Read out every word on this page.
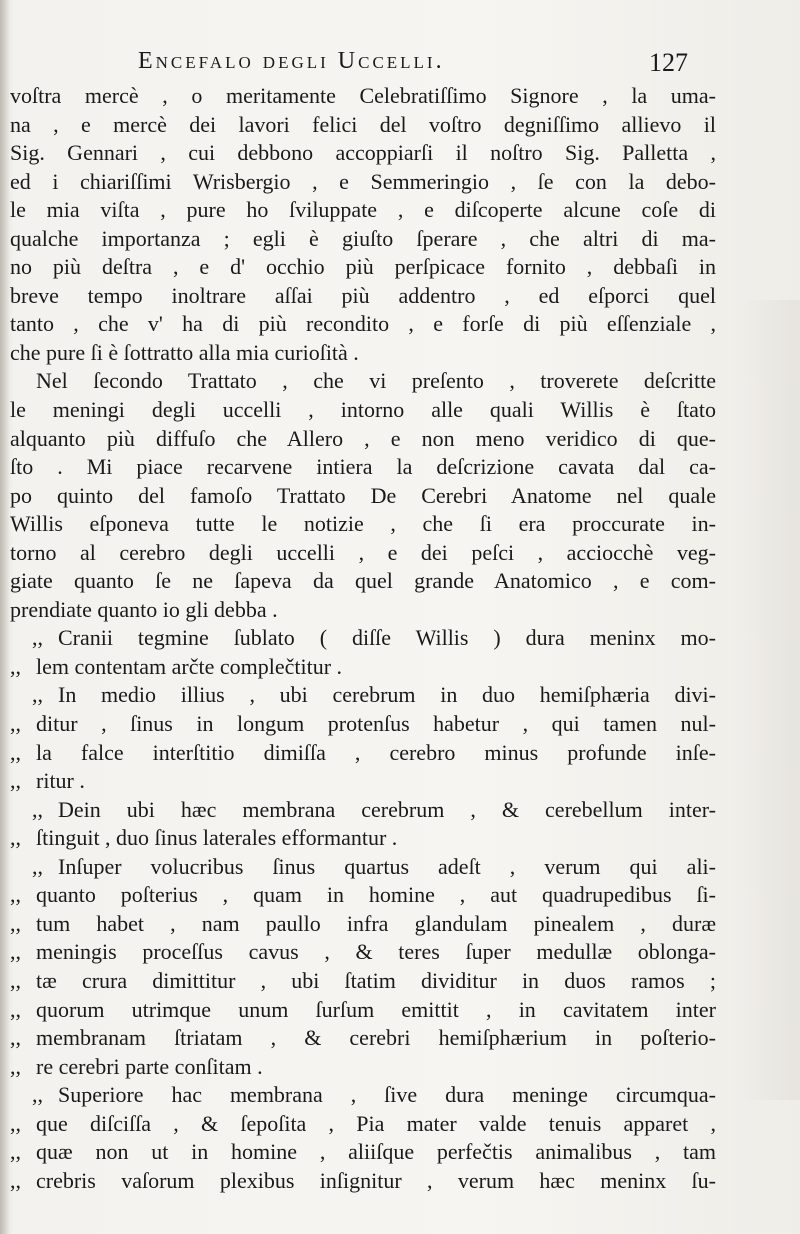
Encefalo degli Uccelli.	127
voſtra mercè , o meritamente Celebratiſſimo Signore , la uma-
na , e mercè dei lavori felici del voſtro degniſſimo allievo il
Sig. Gennari , cui debbono accoppiarſi il noſtro Sig. Palletta ,
ed i chiariſſimi Wrisbergio , e Semmeringio , ſe con la debo-
le mia viſta , pure ho ſviluppate , e diſcoperte alcune coſe di
qualche importanza ; egli è giuſto ſperare , che altri di ma-
no più deſtra , e d' occhio più perſpicace fornito , debbaſi in
breve tempo inoltrare aſſai più addentro , ed eſporci quel
tanto , che v' ha di più recondito , e forſe di più eſſenziale ,
che pure ſi è ſottratto alla mia curioſità .
Nel ſecondo Trattato , che vi preſento , troverete deſcritte
le meningi degli uccelli , intorno alle quali Willis è ſtato
alquanto più diffuſo che Allero , e non meno veridico di que-
ſto . Mi piace recarvene intiera la deſcrizione cavata dal ca-
po quinto del famoſo Trattato De Cerebri Anatome nel quale
Willis eſponeva tutte le notizie , che ſi era proccurate in-
torno al cerebro degli uccelli , e dei peſci , acciocchè veg-
giate quanto ſe ne ſapeva da quel grande Anatomico , e com-
prendiate quanto io gli debba .
,, Cranii tegmine ſublato ( diſſe Willis ) dura meninx mo-
,, lem contentam arčte complečtitur .
,, In medio illius , ubi cerebrum in duo hemiſphæria divi-
,, ditur , ſinus in longum protenſus habetur , qui tamen nul-
,, la falce interſtitio dimiſſa , cerebro minus profunde inſe-
,, ritur .
,, Dein ubi hæc membrana cerebrum , & cerebellum inter-
,, ſtinguit , duo ſinus laterales efformantur .
,, Inſuper volucribus ſinus quartus adeſt , verum qui ali-
,, quanto poſterius , quam in homine , aut quadrupedibus ſi-
,, tum habet , nam paullo infra glandulam pinealem , duræ
,, meningis proceſſus cavus , & teres ſuper medullæ oblonga-
,, tæ crura dimittitur , ubi ſtatim dividitur in duos ramos ;
,, quorum utrimque unum ſurſum emittit , in cavitatem inter
,, membranam ſtriatam , & cerebri hemiſphærium in poſterio-
,, re cerebri parte conſitam .
,, Superiore hac membrana , ſive dura meninge circumqua-
,, que diſciſſa , & ſepoſita , Pia mater valde tenuis apparet ,
,, quæ non ut in homine , aliiſque perfečtis animalibus , tam
,, crebris vaſorum plexibus inſignitur , verum hæc meninx ſu-
